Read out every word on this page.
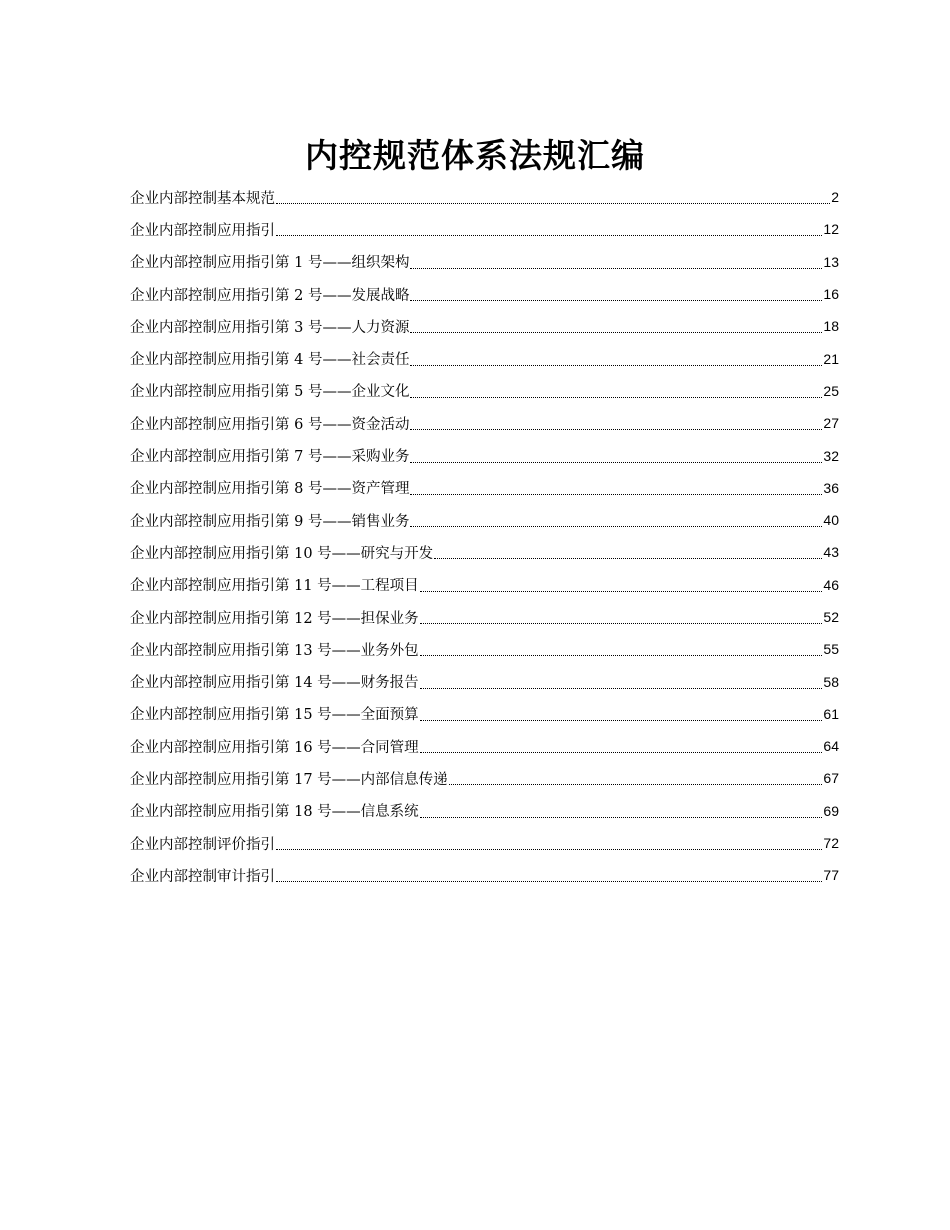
内控规范体系法规汇编
企业内部控制基本规范	2
企业内部控制应用指引	12
企业内部控制应用指引第 1 号——组织架构	13
企业内部控制应用指引第 2 号——发展战略	16
企业内部控制应用指引第 3 号——人力资源	18
企业内部控制应用指引第 4 号——社会责任	21
企业内部控制应用指引第 5 号——企业文化	25
企业内部控制应用指引第 6 号——资金活动	27
企业内部控制应用指引第 7 号——采购业务	32
企业内部控制应用指引第 8 号——资产管理	36
企业内部控制应用指引第 9 号——销售业务	40
企业内部控制应用指引第 10 号——研究与开发	43
企业内部控制应用指引第 11 号——工程项目	46
企业内部控制应用指引第 12 号——担保业务	52
企业内部控制应用指引第 13 号——业务外包	55
企业内部控制应用指引第 14 号——财务报告	58
企业内部控制应用指引第 15 号——全面预算	61
企业内部控制应用指引第 16 号——合同管理	64
企业内部控制应用指引第 17 号——内部信息传递	67
企业内部控制应用指引第 18 号——信息系统	69
企业内部控制评价指引	72
企业内部控制审计指引	77
